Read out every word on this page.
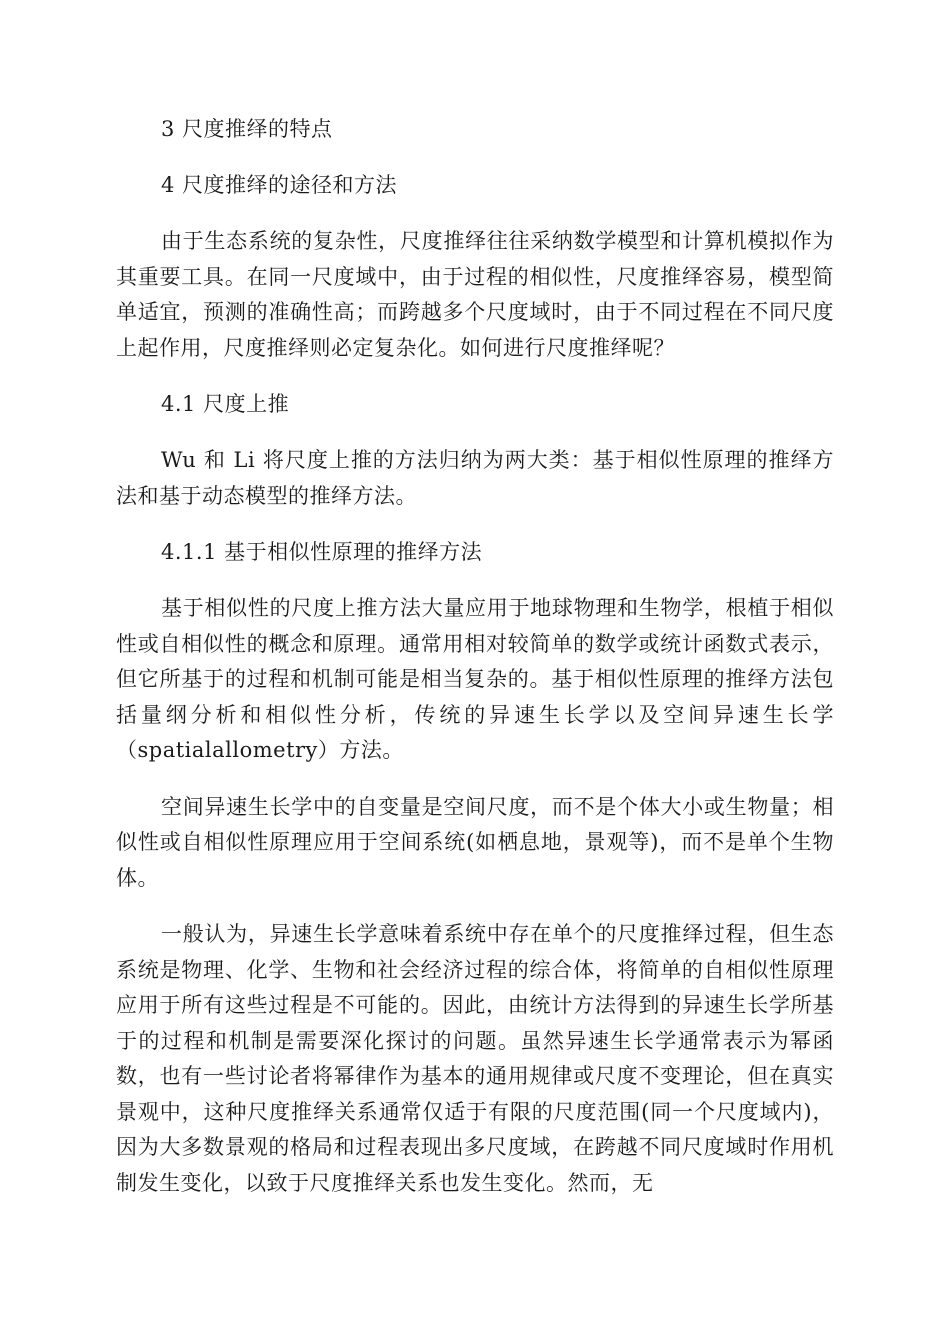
3 尺度推绎的特点

4 尺度推绎的途径和方法

由于生态系统的复杂性，尺度推绎往往采纳数学模型和计算机模拟作为其重要工具。在同一尺度域中，由于过程的相似性，尺度推绎容易，模型简单适宜，预测的准确性高；而跨越多个尺度域时，由于不同过程在不同尺度上起作用，尺度推绎则必定复杂化。如何进行尺度推绎呢？

4.1 尺度上推

Wu 和 Li 将尺度上推的方法归纳为两大类：基于相似性原理的推绎方法和基于动态模型的推绎方法。

4.1.1 基于相似性原理的推绎方法

基于相似性的尺度上推方法大量应用于地球物理和生物学，根植于相似性或自相似性的概念和原理。通常用相对较简单的数学或统计函数式表示，但它所基于的过程和机制可能是相当复杂的。基于相似性原理的推绎方法包括量纲分析和相似性分析，传统的异速生长学以及空间异速生长学（spatialallometry）方法。

空间异速生长学中的自变量是空间尺度，而不是个体大小或生物量；相似性或自相似性原理应用于空间系统(如栖息地，景观等)，而不是单个生物体。

一般认为，异速生长学意味着系统中存在单个的尺度推绎过程，但生态系统是物理、化学、生物和社会经济过程的综合体，将简单的自相似性原理应用于所有这些过程是不可能的。因此，由统计方法得到的异速生长学所基于的过程和机制是需要深化探讨的问题。虽然异速生长学通常表示为幂函数，也有一些讨论者将幂律作为基本的通用规律或尺度不变理论，但在真实景观中，这种尺度推绎关系通常仅适于有限的尺度范围(同一个尺度域内)，因为大多数景观的格局和过程表现出多尺度域，在跨越不同尺度域时作用机制发生变化，以致于尺度推绎关系也发生变化。然而，无
